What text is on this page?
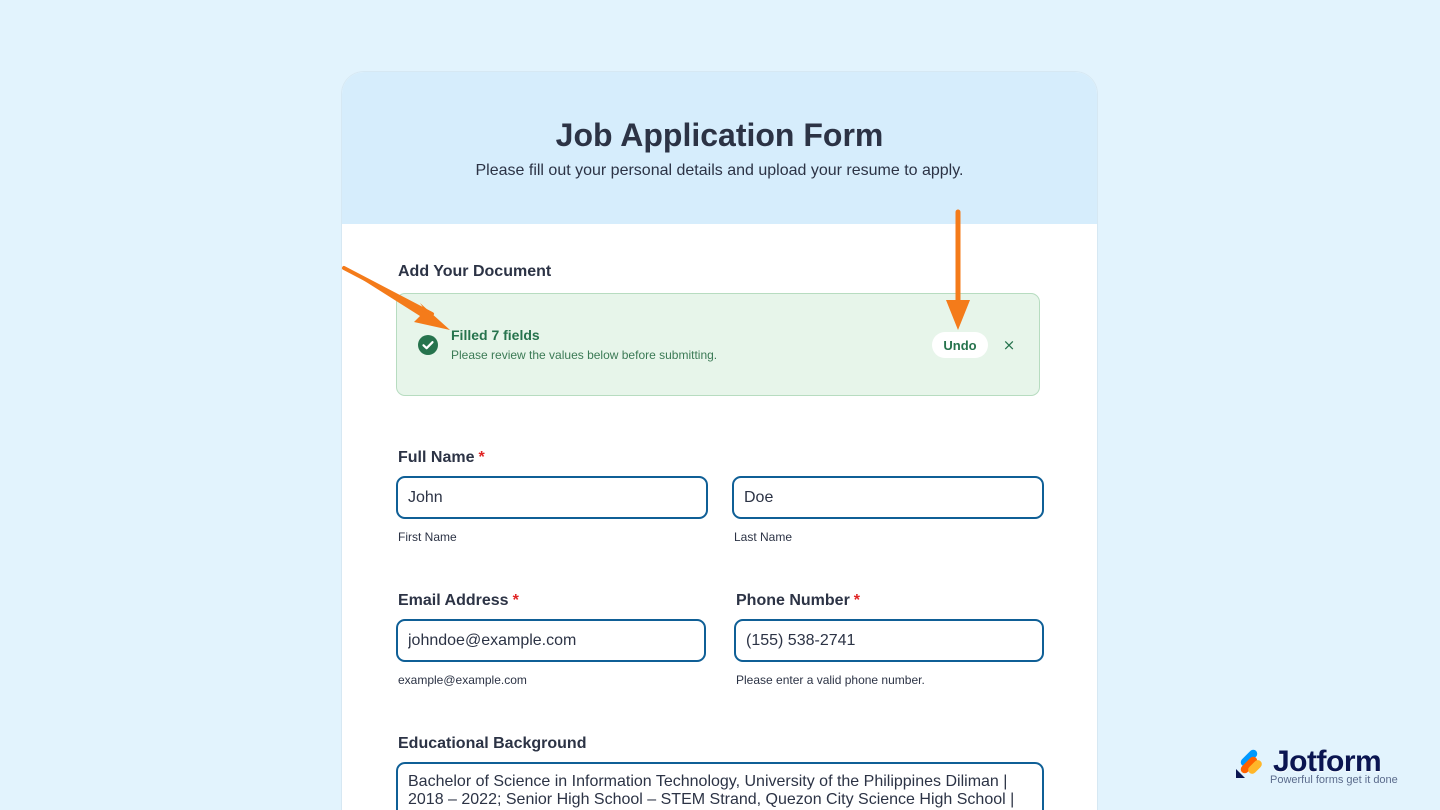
Job Application Form

Please fill out your personal details and upload your resume to apply.

Add Your Document
Filled 7 fields
Please review the values below before submitting.
Undo	×
Full Name *
John
First Name
Doe	Last Name
Email Address *
johndoe@example.com
example@example.com
Phone Number *
(155) 538-2741
Please enter a valid phone number.
Educational Background
Bachelor of Science in Information Technology, University of the Philippines Diliman | 2018 – 2022; Senior High School – STEM Strand, Quezon City Science High School |
Jotform
Powerful forms get it done
